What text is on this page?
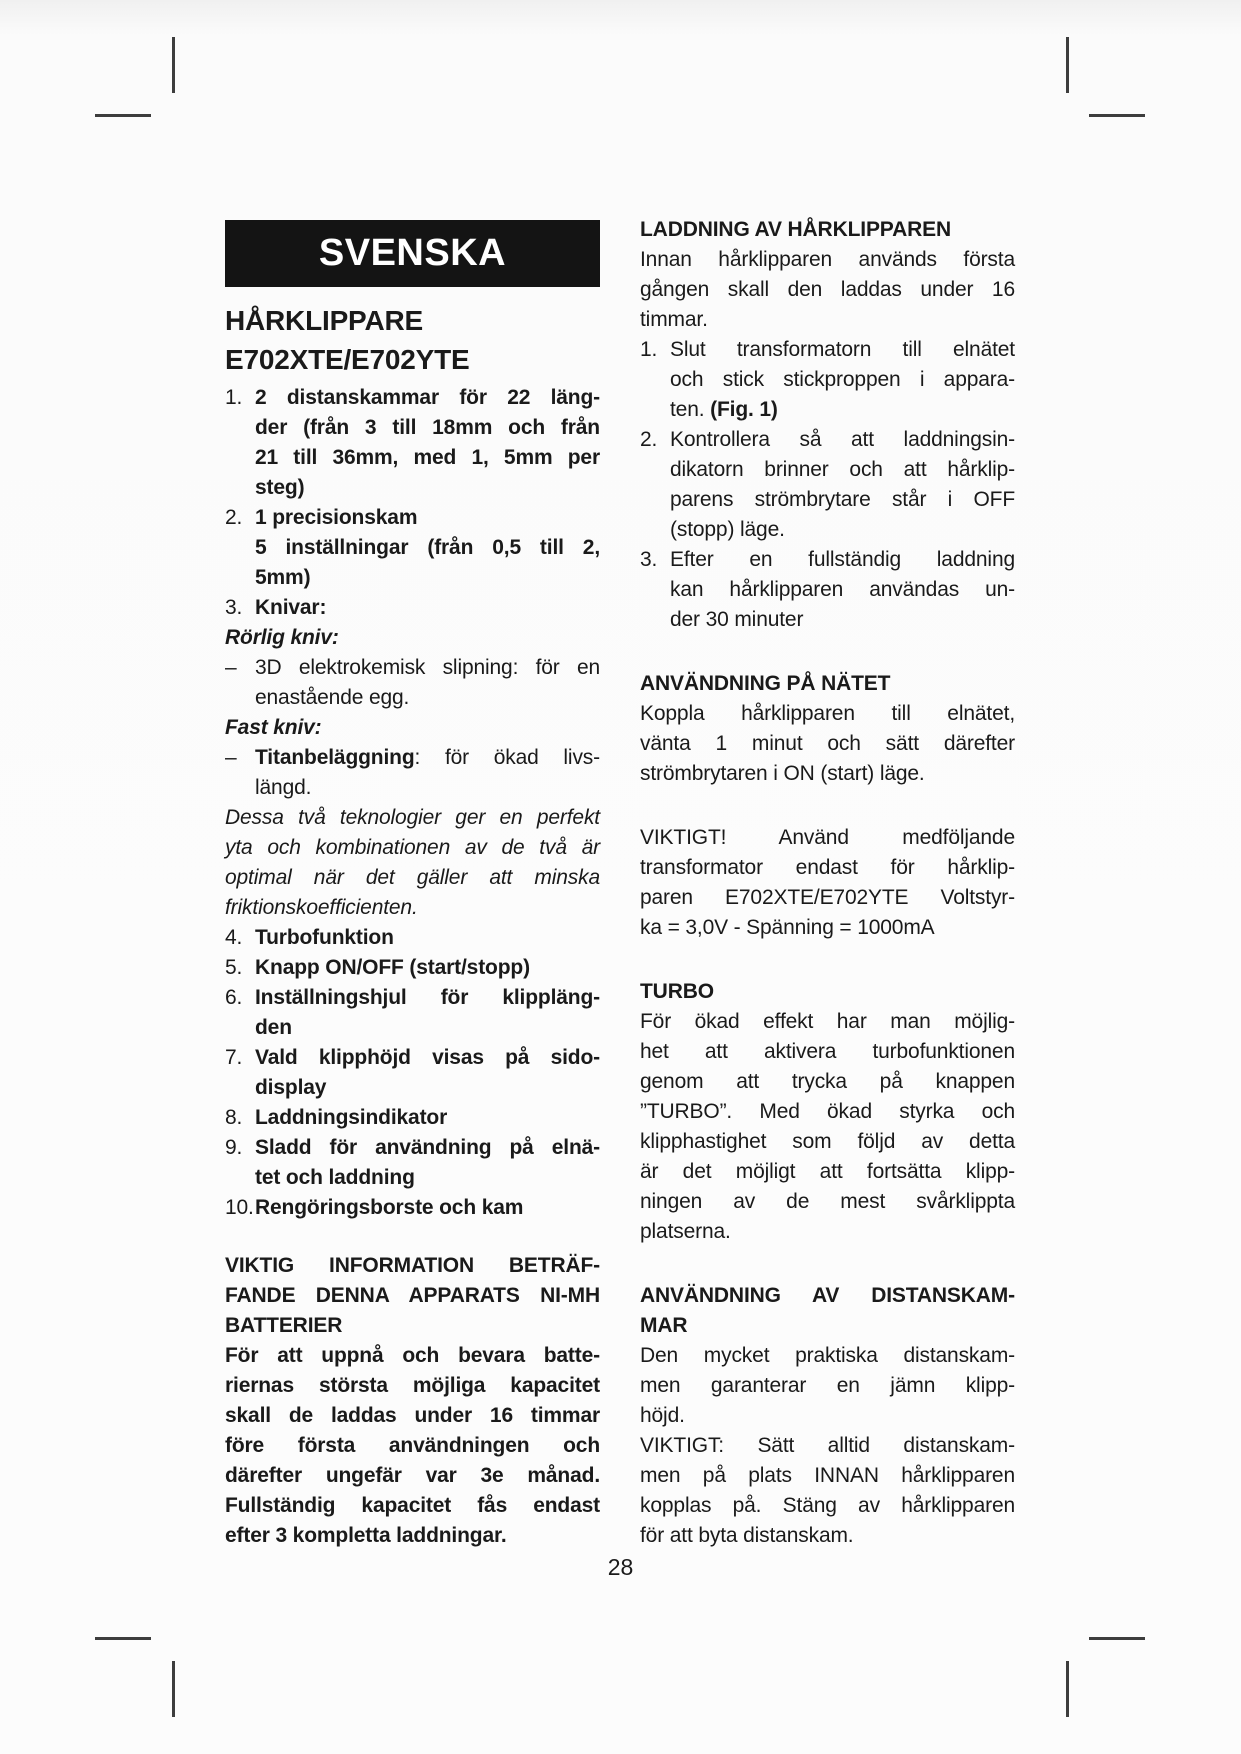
SVENSKA
HÅRKLIPPARE
E702XTE/E702YTE
1. 2 distanskammar för 22 läng-
der (från 3 till 18mm och från
21 till 36mm, med 1, 5mm per
steg)
2. 1 precisionskam
5 inställningar (från 0,5 till 2,
5mm)
3. Knivar:
Rörlig kniv:
– 3D elektrokemisk slipning: för en
enastående egg.
Fast kniv:
– Titanbeläggning: för ökad livs-
längd.
Dessa två teknologier ger en perfekt
yta och kombinationen av de två är
optimal när det gäller att minska
friktionskoefficienten.
4. Turbofunktion
5. Knapp ON/OFF (start/stopp)
6. Inställningshjul för klippläng-
den
7. Vald klipphöjd visas på sido-
display
8. Laddningsindikator
9. Sladd för användning på elnä-
tet och laddning
10. Rengöringsborste och kam
VIKTIG INFORMATION BETRÄF-
FANDE DENNA APPARATS NI-MH
BATTERIER
För att uppnå och bevara batte-
riernas största möjliga kapacitet
skall de laddas under 16 timmar
före första användningen och
därefter ungefär var 3e månad.
Fullständig kapacitet fås endast
efter 3 kompletta laddningar.
LADDNING AV HÅRKLIPPAREN
Innan hårklipparen används första
gången skall den laddas under 16
timmar.
1. Slut transformatorn till elnätet
och stick stickproppen i appara-
ten. (Fig. 1)
2. Kontrollera så att laddningsin-
dikatorn brinner och att hårklip-
parens strömbrytare står i OFF
(stopp) läge.
3. Efter en fullständig laddning
kan hårklipparen användas un-
der 30 minuter
ANVÄNDNING PÅ NÄTET
Koppla hårklipparen till elnätet,
vänta 1 minut och sätt därefter
strömbrytaren i ON (start) läge.
VIKTIGT! Använd medföljande
transformator endast för hårklip-
paren E702XTE/E702YTE Voltstyr-
ka = 3,0V - Spänning = 1000mA
TURBO
För ökad effekt har man möjlig-
het att aktivera turbofunktionen
genom att trycka på knappen
”TURBO”. Med ökad styrka och
klipphastighet som följd av detta
är det möjligt att fortsätta klipp-
ningen av de mest svårklippta
platserna.
ANVÄNDNING AV DISTANSKAM-
MAR
Den mycket praktiska distanskam-
men garanterar en jämn klipp-
höjd.
VIKTIGT: Sätt alltid distanskam-
men på plats INNAN hårklipparen
kopplas på. Stäng av hårklipparen
för att byta distanskam.
28
